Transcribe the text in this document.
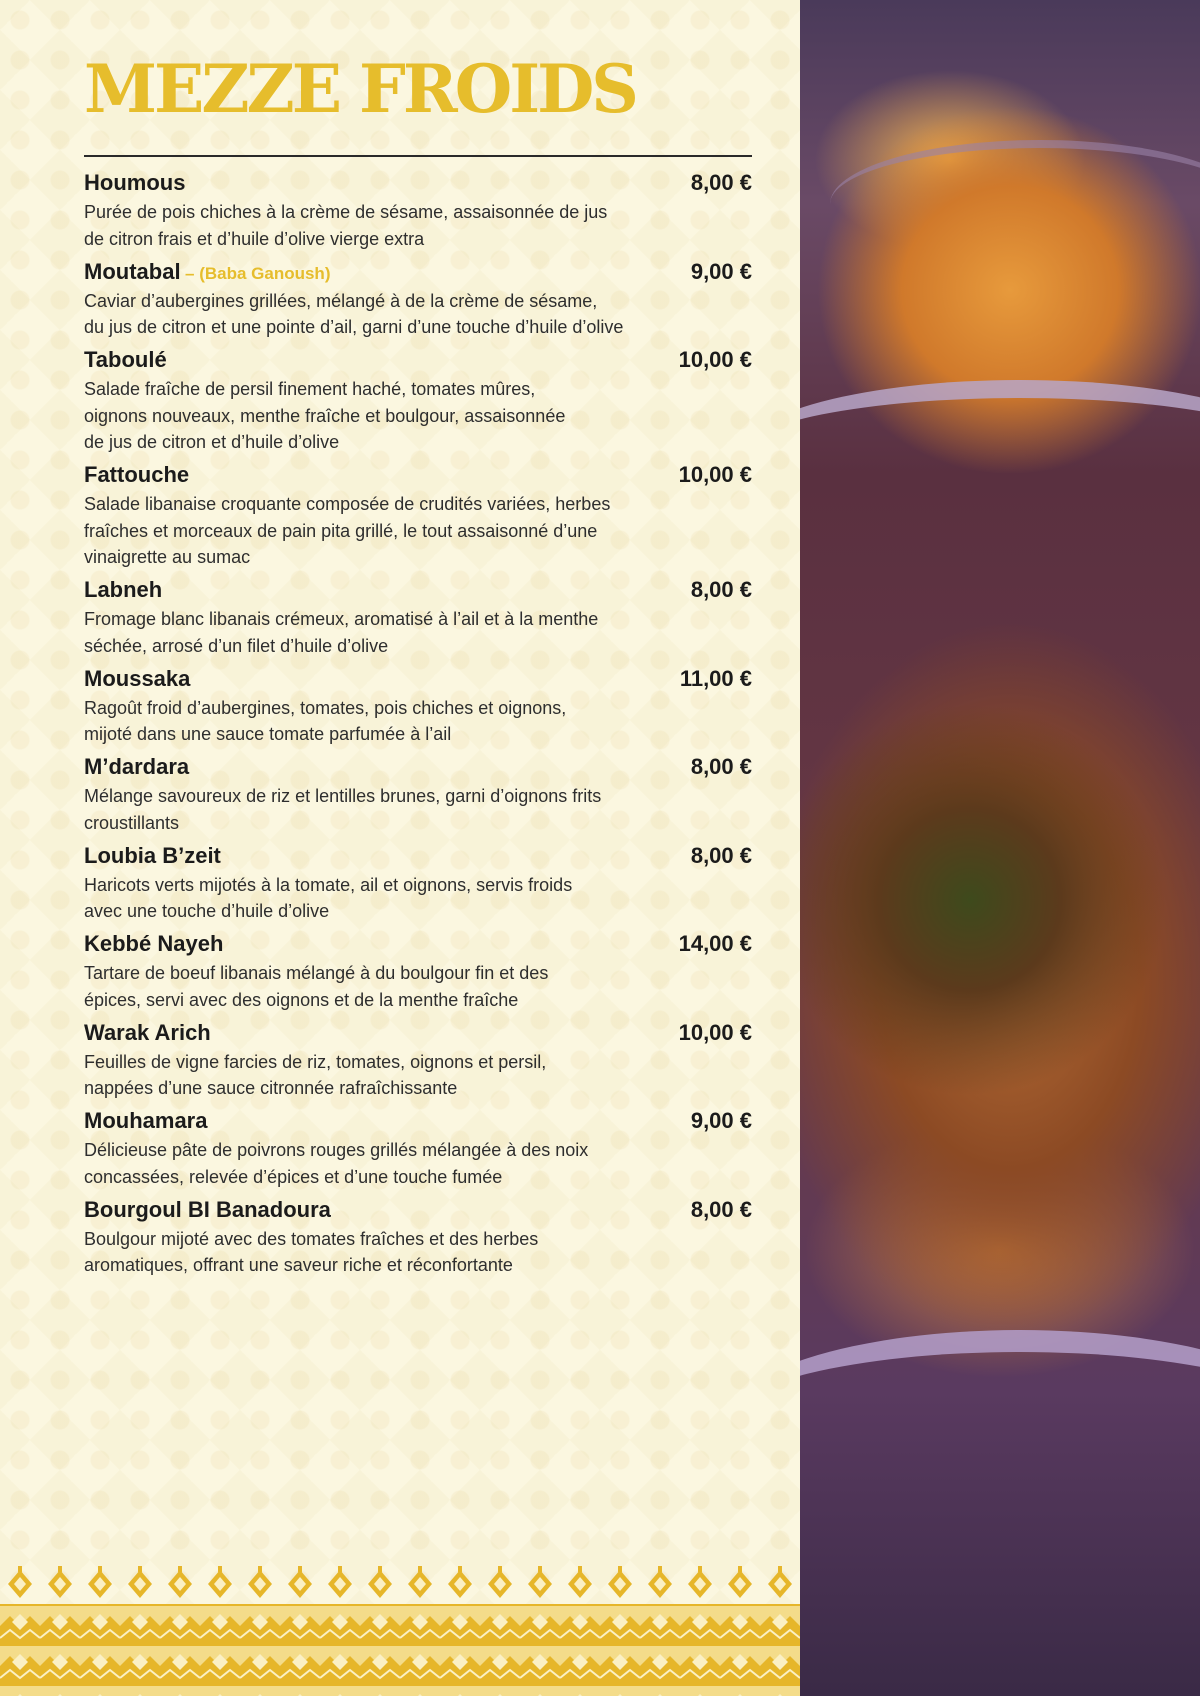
MEZZE FROIDS
Houmous	8,00 €
Purée de pois chiches à la crème de sésame, assaisonnée de jus
de citron frais et d’huile d’olive vierge extra
Moutabal – (Baba Ganoush)	9,00 €
Caviar d’aubergines grillées, mélangé à de la crème de sésame,
du jus de citron et une pointe d’ail, garni d’une touche d’huile d’olive
Taboulé	10,00 €
Salade fraîche de persil finement haché, tomates mûres,
oignons nouveaux, menthe fraîche et boulgour, assaisonnée
de jus de citron et d’huile d’olive
Fattouche	10,00 €
Salade libanaise croquante composée de crudités variées, herbes
fraîches et morceaux de pain pita grillé, le tout assaisonné d’une
vinaigrette au sumac
Labneh	8,00 €
Fromage blanc libanais crémeux, aromatisé à l’ail et à la menthe
séchée, arrosé d’un filet d’huile d’olive
Moussaka	11,00 €
Ragoût froid d’aubergines, tomates, pois chiches et oignons,
mijoté dans une sauce tomate parfumée à l’ail
M’dardara	8,00 €
Mélange savoureux de riz et lentilles brunes, garni d’oignons frits
croustillants
Loubia B’zeit	8,00 €
Haricots verts mijotés à la tomate, ail et oignons, servis froids
avec une touche d’huile d’olive
Kebbé Nayeh	14,00 €
Tartare de boeuf libanais mélangé à du boulgour fin et des
épices, servi avec des oignons et de la menthe fraîche
Warak Arich	10,00 €
Feuilles de vigne farcies de riz, tomates, oignons et persil,
nappées d’une sauce citronnée rafraîchissante
Mouhamara	9,00 €
Délicieuse pâte de poivrons rouges grillés mélangée à des noix
concassées, relevée d’épices et d’une touche fumée
Bourgoul BI Banadoura	8,00 €
Boulgour mijoté avec des tomates fraîches et des herbes
aromatiques, offrant une saveur riche et réconfortante
